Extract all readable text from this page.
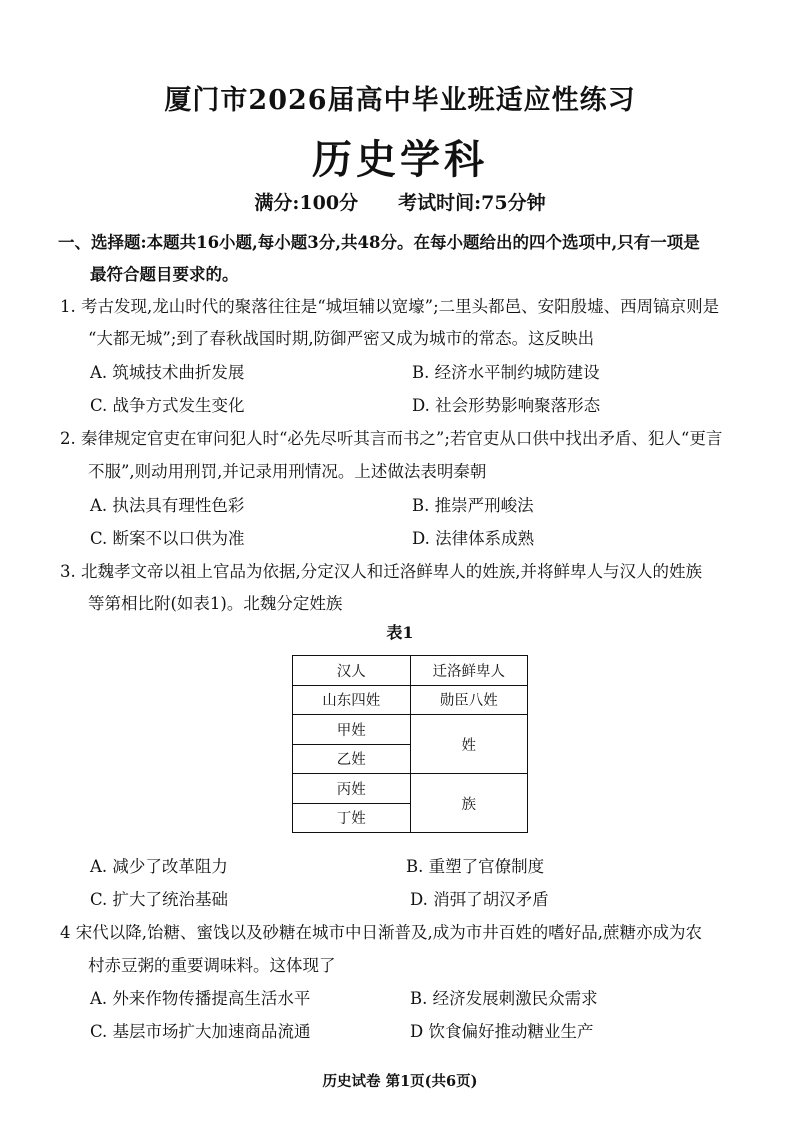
厦门市2026届高中毕业班适应性练习
历史学科
满分:100分 考试时间:75分钟
一、选择题:本题共16小题,每小题3分,共48分。在每小题给出的四个选项中,只有一项是
最符合题目要求的。
1. 考古发现,龙山时代的聚落往往是“城垣辅以宽壕”;二里头都邑、安阳殷墟、西周镐京则是
“大都无城”;到了春秋战国时期,防御严密又成为城市的常态。这反映出
A. 筑城技术曲折发展	B. 经济水平制约城防建设
C. 战争方式发生变化	D. 社会形势影响聚落形态
2. 秦律规定官吏在审问犯人时“必先尽听其言而书之”;若官吏从口供中找出矛盾、犯人“更言
不服”,则动用刑罚,并记录用刑情况。上述做法表明秦朝
A. 执法具有理性色彩	B. 推崇严刑峻法
C. 断案不以口供为准	D. 法律体系成熟
3. 北魏孝文帝以祖上官品为依据,分定汉人和迁洛鲜卑人的姓族,并将鲜卑人与汉人的姓族
等第相比附(如表1)。北魏分定姓族
表1
汉人	迁洛鲜卑人
山东四姓	勋臣八姓
甲姓	姓
乙姓	
丙姓	族
丁姓	
A. 减少了改革阻力	B. 重塑了官僚制度
C. 扩大了统治基础	D. 消弭了胡汉矛盾
4 宋代以降,饴糖、蜜饯以及砂糖在城市中日渐普及,成为市井百姓的嗜好品,蔗糖亦成为农
村赤豆粥的重要调味料。这体现了
A. 外来作物传播提高生活水平	B. 经济发展刺激民众需求
C. 基层市场扩大加速商品流通	D 饮食偏好推动糖业生产
历史试卷 第1页(共6页)
